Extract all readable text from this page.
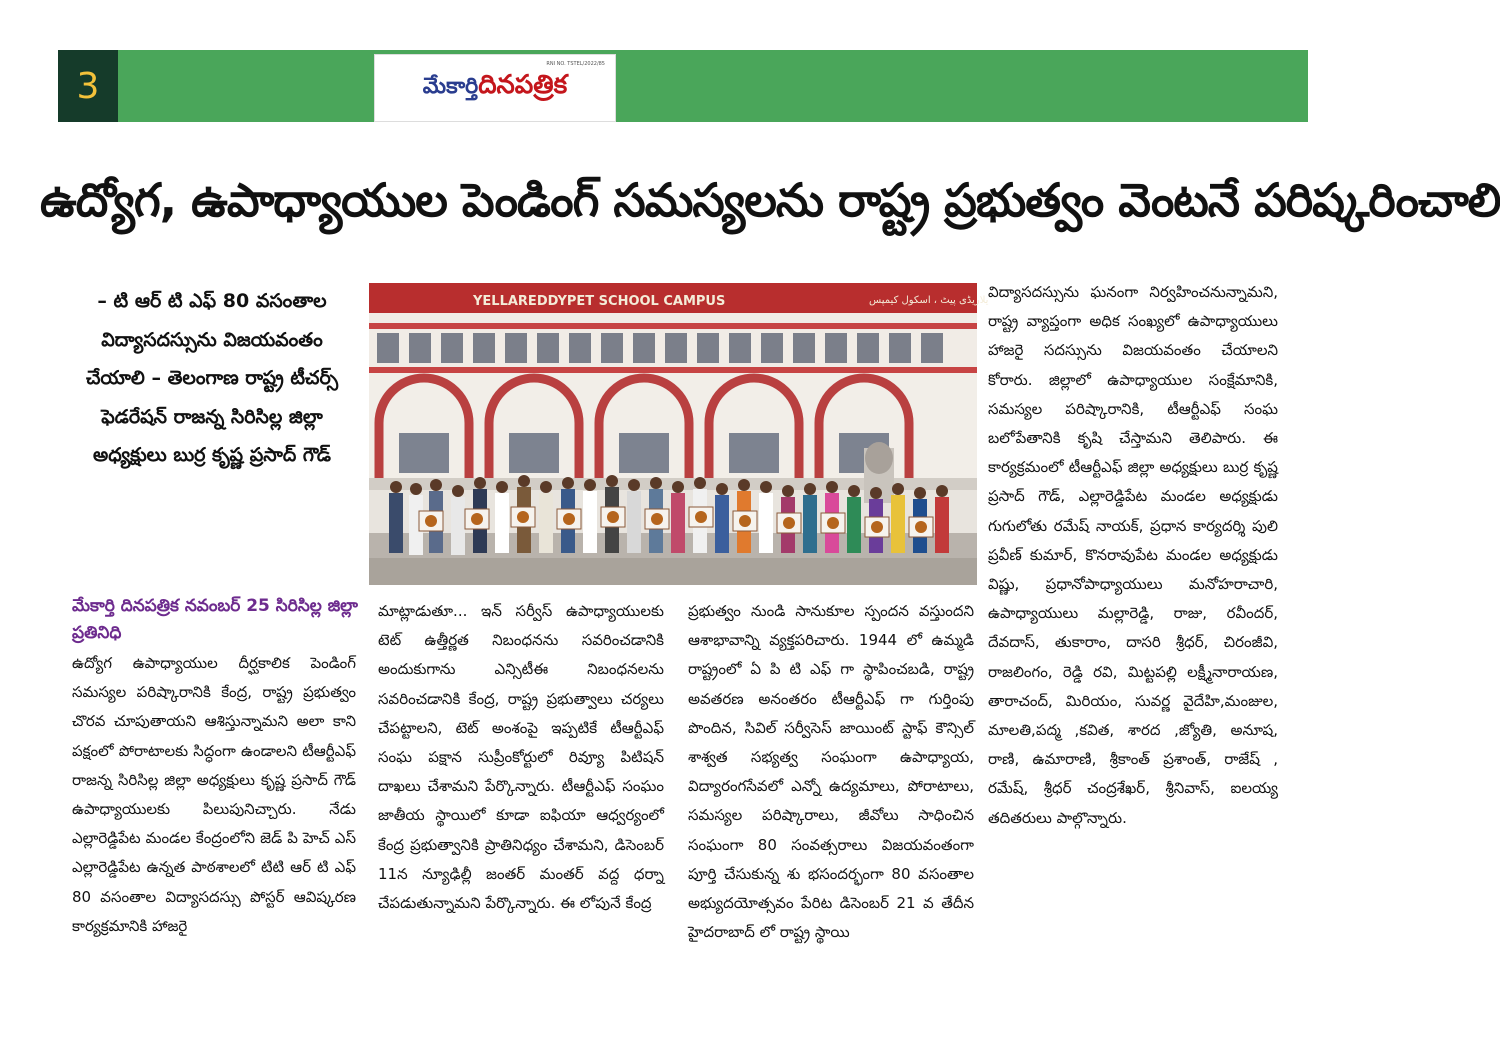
3
RNI NO. TSTEL/2022/85
మేకార్తిదినపత్రిక
ఉద్యోగ, ఉపాధ్యాయుల పెండింగ్ సమస్యలను రాష్ట్ర ప్రభుత్వం వెంటనే పరిష్కరించాలి
– టి ఆర్ టి ఎఫ్ 80 వసంతాల విద్యాసదస్సును విజయవంతం చేయాలి – తెలంగాణ రాష్ట్ర టీచర్స్ ఫెడరేషన్ రాజన్న సిరిసిల్ల జిల్లా అధ్యక్షులు బుర్ర కృష్ణ ప్రసాద్ గౌడ్
మేకార్తి దినపత్రిక నవంబర్ 25 సిరిసిల్ల జిల్లా ప్రతినిధి
ఉద్యోగ ఉపాధ్యాయుల దీర్ఘకాలిక పెండింగ్ సమస్యల పరిష్కారానికి కేంద్ర, రాష్ట్ర ప్రభుత్వం చొరవ చూపుతాయని ఆశిస్తున్నామని అలా కాని పక్షంలో పోరాటాలకు సిద్ధంగా ఉండాలని టీఆర్టీఎఫ్ రాజన్న సిరిసిల్ల జిల్లా అధ్యక్షులు కృష్ణ ప్రసాద్ గౌడ్ ఉపాధ్యాయులకు పిలుపునిచ్చారు. నేడు ఎల్లారెడ్డిపేట మండల కేంద్రంలోని జెడ్ పి హెచ్ ఎస్ ఎల్లారెడ్డిపేట ఉన్నత పాఠశాలలో టిటి ఆర్ టి ఎఫ్ 80 వసంతాల విద్యాసదస్సు పోస్టర్ ఆవిష్కరణ కార్యక్రమానికి హాజరై
YELLAREDDYPET SCHOOL CAMPUS	یلاریڈی پیٹ ، اسکول کیمپس
మాట్లాడుతూ... ఇన్ సర్వీస్ ఉపాధ్యాయులకు టెట్ ఉత్తీర్ణత నిబంధనను సవరించడానికి అందుకుగాను ఎన్సిటీఈ నిబంధనలను సవరించడానికి కేంద్ర, రాష్ట్ర ప్రభుత్వాలు చర్యలు చేపట్టాలని, టెట్ అంశంపై ఇప్పటికే టీఆర్టీఎఫ్ సంఘ పక్షాన సుప్రీంకోర్టులో రివ్యూ పిటిషన్ దాఖలు చేశామని పేర్కొన్నారు. టీఆర్టీఎఫ్ సంఘం జాతీయ స్థాయిలో కూడా ఐఫియా ఆధ్వర్యంలో కేంద్ర ప్రభుత్వానికి ప్రాతినిధ్యం చేశామని, డిసెంబర్ 11న న్యూఢిల్లీ జంతర్ మంతర్ వద్ద ధర్నా చేపడుతున్నామని పేర్కొన్నారు. ఈ లోపునే కేంద్ర
ప్రభుత్వం నుండి సానుకూల స్పందన వస్తుందని ఆశాభావాన్ని వ్యక్తపరిచారు. 1944 లో ఉమ్మడి రాష్ట్రంలో ఏ పి టి ఎఫ్ గా స్థాపించబడి, రాష్ట్ర అవతరణ అనంతరం టీఆర్టీఎఫ్ గా గుర్తింపు పొందిన, సివిల్ సర్వీసెస్ జాయింట్ స్టాఫ్ కౌన్సిల్ శాశ్వత సభ్యత్వ సంఘంగా ఉపాధ్యాయ, విద్యారంగసేవలో ఎన్నో ఉద్యమాలు, పోరాటాలు, సమస్యల పరిష్కారాలు, జీవోలు సాధించిన సంఘంగా 80 సంవత్సరాలు విజయవంతంగా పూర్తి చేసుకున్న శు భసందర్భంగా 80 వసంతాల అభ్యుదయోత్సవం పేరిట డిసెంబర్ 21 వ తేదీన హైదరాబాద్ లో రాష్ట్ర స్థాయి
విద్యాసదస్సును ఘనంగా నిర్వహించనున్నామని, రాష్ట్ర వ్యాప్తంగా అధిక సంఖ్యలో ఉపాధ్యాయులు హాజరై సదస్సును విజయవంతం చేయాలని కోరారు. జిల్లాలో ఉపాధ్యాయుల సంక్షేమానికి, సమస్యల పరిష్కారానికి, టీఆర్టీఎఫ్ సంఘ బలోపేతానికి కృషి చేస్తామని తెలిపారు. ఈ కార్యక్రమంలో టీఆర్టీఎఫ్ జిల్లా అధ్యక్షులు బుర్ర కృష్ణ ప్రసాద్ గౌడ్, ఎల్లారెడ్డిపేట మండల అధ్యక్షుడు గుగులోతు రమేష్ నాయక్, ప్రధాన కార్యదర్శి పులి ప్రవీణ్ కుమార్, కొనరావుపేట మండల అధ్యక్షుడు విష్ణు, ప్రధానోపాధ్యాయులు మనోహరాచారి, ఉపాధ్యాయులు మల్లారెడ్డి, రాజు, రవీందర్, దేవదాస్, తుకారాం, దాసరి శ్రీధర్, చిరంజీవి, రాజలింగం, రెడ్డి రవి, మిట్టపల్లి లక్ష్మీనారాయణ, తారాచంద్, మిరియం, సువర్ణ వైదేహి,మంజుల, మాలతి,పద్మ ,కవిత, శారద ,జ్యోతి, అనూష, రాణి, ఉమారాణి, శ్రీకాంత్ ప్రశాంత్, రాజేష్ , రమేష్, శ్రీధర్ చంద్రశేఖర్, శ్రీనివాస్, ఐలయ్య తదితరులు పాల్గొన్నారు.
